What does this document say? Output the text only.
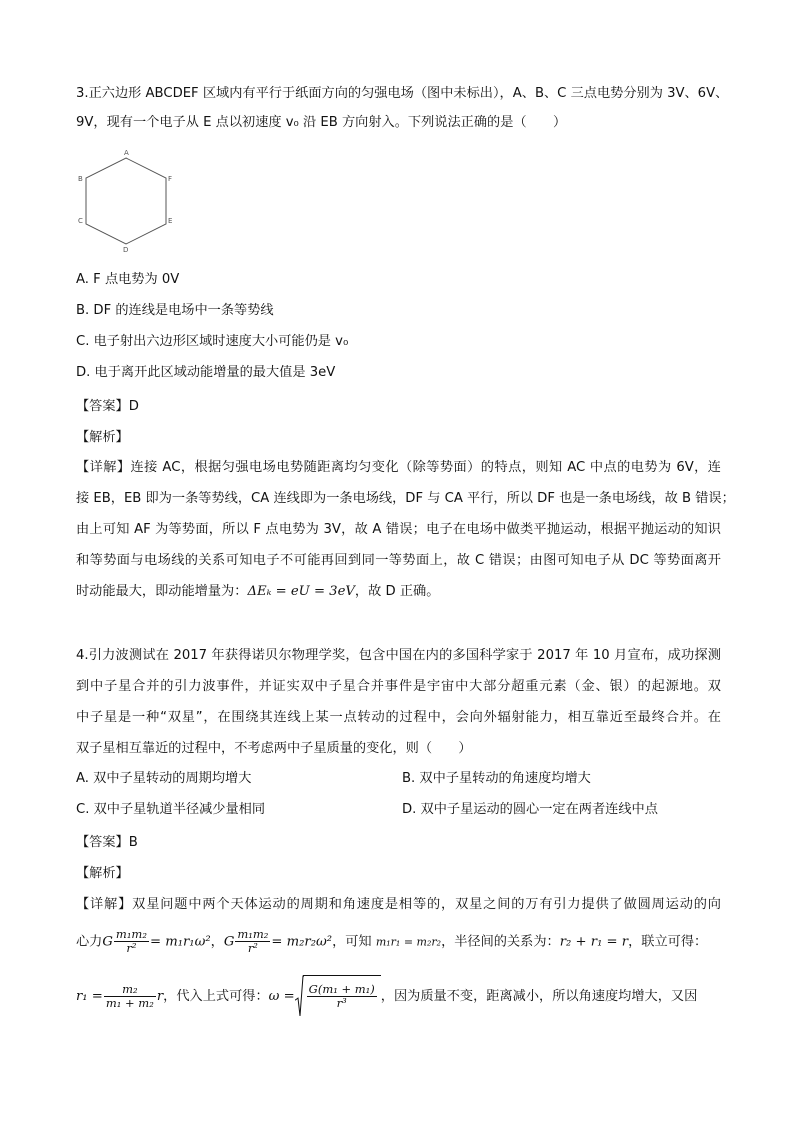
3.正六边形 ABCDEF 区域内有平行于纸面方向的匀强电场（图中未标出），A、B、C 三点电势分别为 3V、6V、
9V，现有一个电子从 E 点以初速度 v₀ 沿 EB 方向射入。下列说法正确的是（　　）
A
B
C
D
E
F
A. F 点电势为 0V
B. DF 的连线是电场中一条等势线
C. 电子射出六边形区域时速度大小可能仍是 v₀
D. 电于离开此区域动能增量的最大值是 3eV
【答案】D
【解析】
【详解】连接 AC，根据匀强电场电势随距离均匀变化（除等势面）的特点，则知 AC 中点的电势为 6V，连
接 EB，EB 即为一条等势线，CA 连线即为一条电场线，DF 与 CA 平行，所以 DF 也是一条电场线，故 B 错误；
由上可知 AF 为等势面，所以 F 点电势为 3V，故 A 错误；电子在电场中做类平抛运动，根据平抛运动的知识
和等势面与电场线的关系可知电子不可能再回到同一等势面上，故 C 错误；由图可知电子从 DC 等势面离开
时动能最大，即动能增量为：ΔEₖ = eU = 3eV，故 D 正确。
4.引力波测试在 2017 年获得诺贝尔物理学奖，包含中国在内的多国科学家于 2017 年 10 月宣布，成功探测
到中子星合并的引力波事件，并证实双中子星合并事件是宇宙中大部分超重元素（金、银）的起源地。双
中子星是一种“双星”，在围绕其连线上某一点转动的过程中，会向外辐射能力，相互靠近至最终合并。在
双子星相互靠近的过程中，不考虑两中子星质量的变化，则（　　）
A. 双中子星转动的周期均增大	B. 双中子星转动的角速度均增大
C. 双中子星轨道半径减少量相同	D. 双中子星运动的圆心一定在两者连线中点
【答案】B
【解析】
【详解】双星问题中两个天体运动的周期和角速度是相等的，双星之间的万有引力提供了做圆周运动的向
心力G $\frac{\text{m₁m₂}}{\text{r²}} = m_1r_1\omega^2$，G $\frac{\text{m₁m₂}}{\text{r²}} = m_2r_2\omega^2$，可知 m₁r₁ = m₂r₂，半径间的关系为：r₂ + r₁ = r，联立可得：
$r_1 = \frac{\text{m₂}}{\text{m₁ + m₂}}$ r，代入上式可得：$\omega = \frac{\text{G(m₁ + m₁)}}{\text{r³}}$ ，因为质量不变，距离减小，所以角速度均增大，又因
